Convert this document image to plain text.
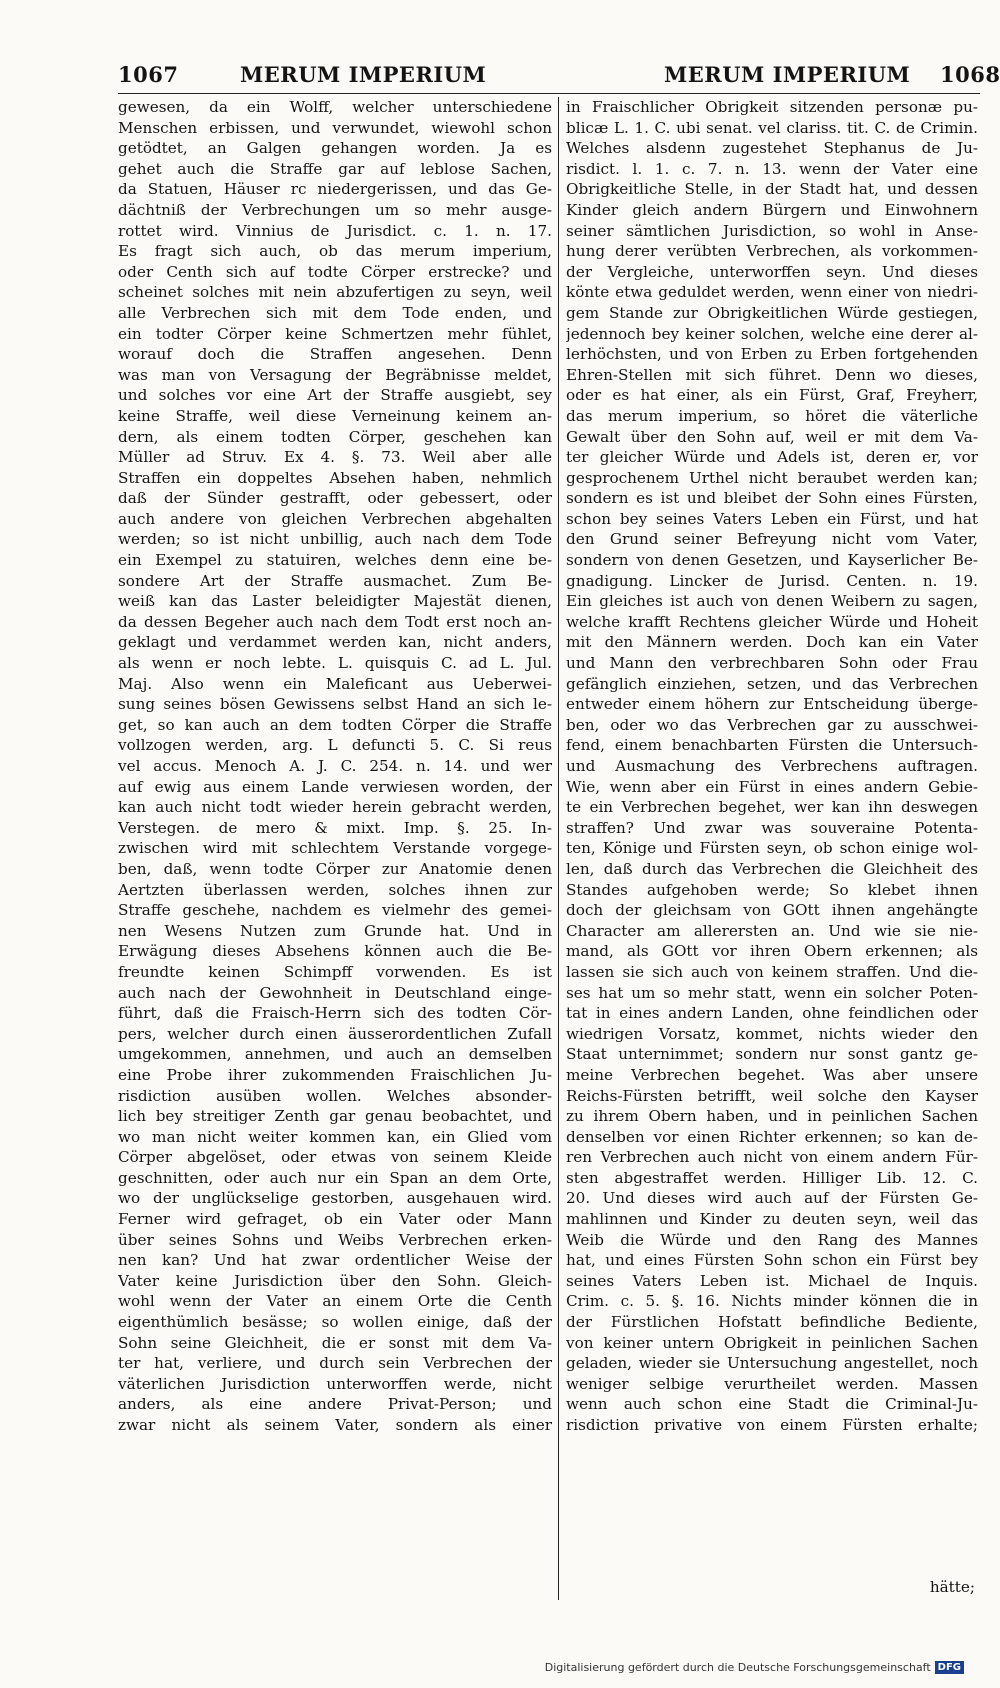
1067	MERUM IMPERIUM	MERUM IMPERIUM 1068
gewesen, da ein Wolff, welcher unterschiedene
Menschen erbissen, und verwundet, wiewohl schon
getödtet, an Galgen gehangen worden. Ja es
gehet auch die Straffe gar auf leblose Sachen,
da Statuen, Häuser rc niedergerissen, und das Ge-
dächtniß der Verbrechungen um so mehr ausge-
rottet wird. Vinnius de Jurisdict. c. 1. n. 17.
Es fragt sich auch, ob das merum imperium,
oder Centh sich auf todte Cörper erstrecke? und
scheinet solches mit nein abzufertigen zu seyn, weil
alle Verbrechen sich mit dem Tode enden, und
ein todter Cörper keine Schmertzen mehr fühlet,
worauf doch die Straffen angesehen. Denn
was man von Versagung der Begräbnisse meldet,
und solches vor eine Art der Straffe ausgiebt, sey
keine Straffe, weil diese Verneinung keinem an-
dern, als einem todten Cörper, geschehen kan
Müller ad Struv. Ex 4. §. 73. Weil aber alle
Straffen ein doppeltes Absehen haben, nehmlich
daß der Sünder gestrafft, oder gebessert, oder
auch andere von gleichen Verbrechen abgehalten
werden; so ist nicht unbillig, auch nach dem Tode
ein Exempel zu statuiren, welches denn eine be-
sondere Art der Straffe ausmachet. Zum Be-
weiß kan das Laster beleidigter Majestät dienen,
da dessen Begeher auch nach dem Todt erst noch an-
geklagt und verdammet werden kan, nicht anders,
als wenn er noch lebte. L. quisquis C. ad L. Jul.
Maj. Also wenn ein Maleficant aus Ueberwei-
sung seines bösen Gewissens selbst Hand an sich le-
get, so kan auch an dem todten Cörper die Straffe
vollzogen werden, arg. L defuncti 5. C. Si reus
vel accus. Menoch A. J. C. 254. n. 14. und wer
auf ewig aus einem Lande verwiesen worden, der
kan auch nicht todt wieder herein gebracht werden,
Verstegen. de mero & mixt. Imp. §. 25. In-
zwischen wird mit schlechtem Verstande vorgege-
ben, daß, wenn todte Cörper zur Anatomie denen
Aertzten überlassen werden, solches ihnen zur
Straffe geschehe, nachdem es vielmehr des gemei-
nen Wesens Nutzen zum Grunde hat. Und in
Erwägung dieses Absehens können auch die Be-
freundte keinen Schimpff vorwenden. Es ist
auch nach der Gewohnheit in Deutschland einge-
führt, daß die Fraisch-Herrn sich des todten Cör-
pers, welcher durch einen äusserordentlichen Zufall
umgekommen, annehmen, und auch an demselben
eine Probe ihrer zukommenden Fraischlichen Ju-
risdiction ausüben wollen. Welches absonder-
lich bey streitiger Zenth gar genau beobachtet, und
wo man nicht weiter kommen kan, ein Glied vom
Cörper abgelöset, oder etwas von seinem Kleide
geschnitten, oder auch nur ein Span an dem Orte,
wo der unglückselige gestorben, ausgehauen wird.
Ferner wird gefraget, ob ein Vater oder Mann
über seines Sohns und Weibs Verbrechen erken-
nen kan? Und hat zwar ordentlicher Weise der
Vater keine Jurisdiction über den Sohn. Gleich-
wohl wenn der Vater an einem Orte die Centh
eigenthümlich besässe; so wollen einige, daß der
Sohn seine Gleichheit, die er sonst mit dem Va-
ter hat, verliere, und durch sein Verbrechen der
väterlichen Jurisdiction unterworffen werde, nicht
anders, als eine andere Privat-Person; und
zwar nicht als seinem Vater, sondern als einer
in Fraischlicher Obrigkeit sitzenden personæ pu-
blicæ L. 1. C. ubi senat. vel clariss. tit. C. de Crimin.
Welches alsdenn zugestehet Stephanus de Ju-
risdict. l. 1. c. 7. n. 13. wenn der Vater eine
Obrigkeitliche Stelle, in der Stadt hat, und dessen
Kinder gleich andern Bürgern und Einwohnern
seiner sämtlichen Jurisdiction, so wohl in Anse-
hung derer verübten Verbrechen, als vorkommen-
der Vergleiche, unterworffen seyn. Und dieses
könte etwa geduldet werden, wenn einer von niedri-
gem Stande zur Obrigkeitlichen Würde gestiegen,
jedennoch bey keiner solchen, welche eine derer al-
lerhöchsten, und von Erben zu Erben fortgehenden
Ehren-Stellen mit sich führet. Denn wo dieses,
oder es hat einer, als ein Fürst, Graf, Freyherr,
das merum imperium, so höret die väterliche
Gewalt über den Sohn auf, weil er mit dem Va-
ter gleicher Würde und Adels ist, deren er, vor
gesprochenem Urthel nicht beraubet werden kan;
sondern es ist und bleibet der Sohn eines Fürsten,
schon bey seines Vaters Leben ein Fürst, und hat
den Grund seiner Befreyung nicht vom Vater,
sondern von denen Gesetzen, und Kayserlicher Be-
gnadigung. Lincker de Jurisd. Centen. n. 19.
Ein gleiches ist auch von denen Weibern zu sagen,
welche krafft Rechtens gleicher Würde und Hoheit
mit den Männern werden. Doch kan ein Vater
und Mann den verbrechbaren Sohn oder Frau
gefänglich einziehen, setzen, und das Verbrechen
entweder einem höhern zur Entscheidung überge-
ben, oder wo das Verbrechen gar zu ausschwei-
fend, einem benachbarten Fürsten die Untersuch-
und Ausmachung des Verbrechens auftragen.
Wie, wenn aber ein Fürst in eines andern Gebie-
te ein Verbrechen begehet, wer kan ihn deswegen
straffen? Und zwar was souveraine Potenta-
ten, Könige und Fürsten seyn, ob schon einige wol-
len, daß durch das Verbrechen die Gleichheit des
Standes aufgehoben werde; So klebet ihnen
doch der gleichsam von GOtt ihnen angehängte
Character am allerersten an. Und wie sie nie-
mand, als GOtt vor ihren Obern erkennen; als
lassen sie sich auch von keinem straffen. Und die-
ses hat um so mehr statt, wenn ein solcher Poten-
tat in eines andern Landen, ohne feindlichen oder
wiedrigen Vorsatz, kommet, nichts wieder den
Staat unternimmet; sondern nur sonst gantz ge-
meine Verbrechen begehet. Was aber unsere
Reichs-Fürsten betrifft, weil solche den Kayser
zu ihrem Obern haben, und in peinlichen Sachen
denselben vor einen Richter erkennen; so kan de-
ren Verbrechen auch nicht von einem andern Für-
sten abgestraffet werden. Hilliger Lib. 12. C.
20. Und dieses wird auch auf der Fürsten Ge-
mahlinnen und Kinder zu deuten seyn, weil das
Weib die Würde und den Rang des Mannes
hat, und eines Fürsten Sohn schon ein Fürst bey
seines Vaters Leben ist. Michael de Inquis.
Crim. c. 5. §. 16. Nichts minder können die in
der Fürstlichen Hofstatt befindliche Bediente,
von keiner untern Obrigkeit in peinlichen Sachen
geladen, wieder sie Untersuchung angestellet, noch
weniger selbige verurtheilet werden. Massen
wenn auch schon eine Stadt die Criminal-Ju-
risdiction privative von einem Fürsten erhalte;
hätte;
Digitalisierung gefördert durch die Deutsche Forschungsgemeinschaft DFG
